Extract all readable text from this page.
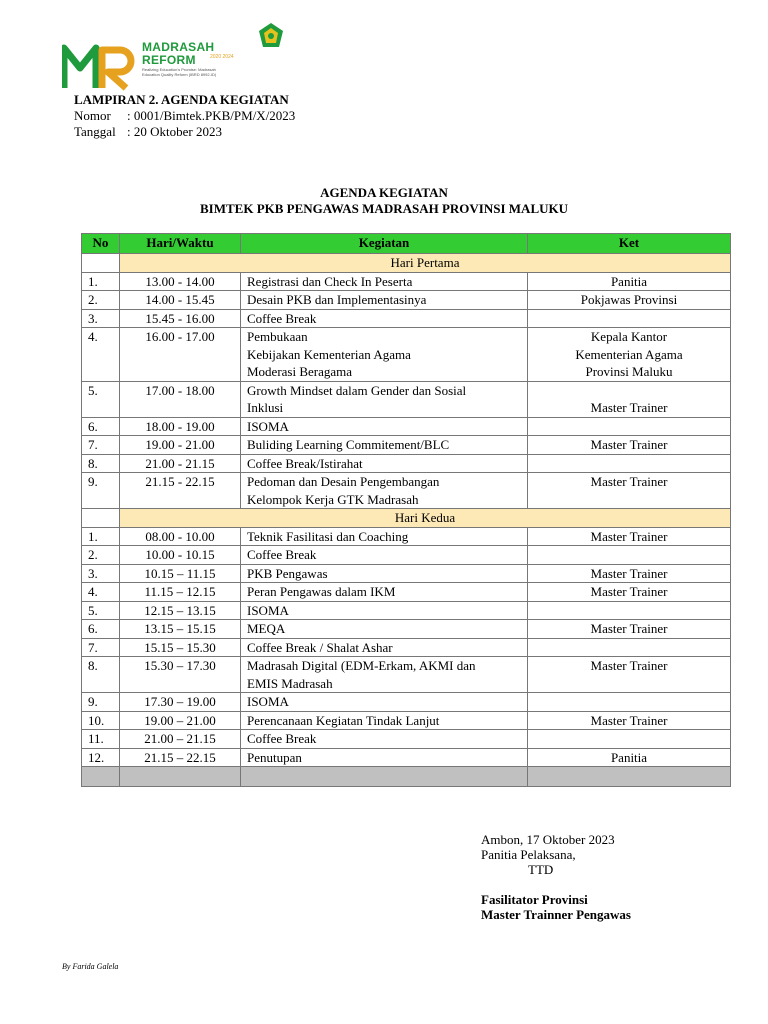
MADRASAH
REFORM	2020 2024
Realizing Education's Promise: Madrasah Education Quality Reform (IBRD 8992-ID)
LAMPIRAN 2. AGENDA KEGIATAN
Nomor	: 0001/Bimtek.PKB/PM/X/2023
Tanggal : 20 Oktober 2023
AGENDA KEGIATAN
BIMTEK PKB PENGAWAS MADRASAH PROVINSI MALUKU
No	Hari/Waktu	Kegiatan	Ket
	Hari Pertama		
1.	13.00 - 14.00	Registrasi dan Check In Peserta	Panitia
2.	14.00 - 15.45	Desain PKB dan Implementasinya	Pokjawas Provinsi
3.	15.45 - 16.00	Coffee Break	
4.	16.00 - 17.00	Pembukaan
Kebijakan Kementerian Agama
Moderasi Beragama	Kepala Kantor
Kementerian Agama
Provinsi Maluku
5.	17.00 - 18.00	Growth Mindset dalam Gender dan Sosial
Inklusi	Master Trainer
6.	18.00 - 19.00	ISOMA	
7.	19.00 - 21.00	Buliding Learning Commitement/BLC	Master Trainer
8.	21.00 - 21.15	Coffee Break/Istirahat	
9.	21.15 - 22.15	Pedoman dan Desain Pengembangan
Kelompok Kerja GTK Madrasah	Master Trainer
	Hari Kedua		
1.	08.00 - 10.00	Teknik Fasilitasi dan Coaching	Master Trainer
2.	10.00 - 10.15	Coffee Break	
3.	10.15 – 11.15	PKB Pengawas	Master Trainer
4.	11.15 – 12.15	Peran Pengawas dalam IKM	Master Trainer
5.	12.15 – 13.15	ISOMA	
6.	13.15 – 15.15	MEQA	Master Trainer
7.	15.15 – 15.30	Coffee Break / Shalat Ashar	
8.	15.30 – 17.30	Madrasah Digital (EDM-Erkam, AKMI dan
EMIS Madrasah	Master Trainer
9.	17.30 – 19.00	ISOMA	
10.	19.00 – 21.00	Perencanaan Kegiatan Tindak Lanjut	Master Trainer
11.	21.00 – 21.15	Coffee Break	
12.	21.15 – 22.15	Penutupan	Panitia

Ambon, 17 Oktober 2023
Panitia Pelaksana,
TTD
Fasilitator Provinsi
Master Trainner Pengawas
By Farida Galela
